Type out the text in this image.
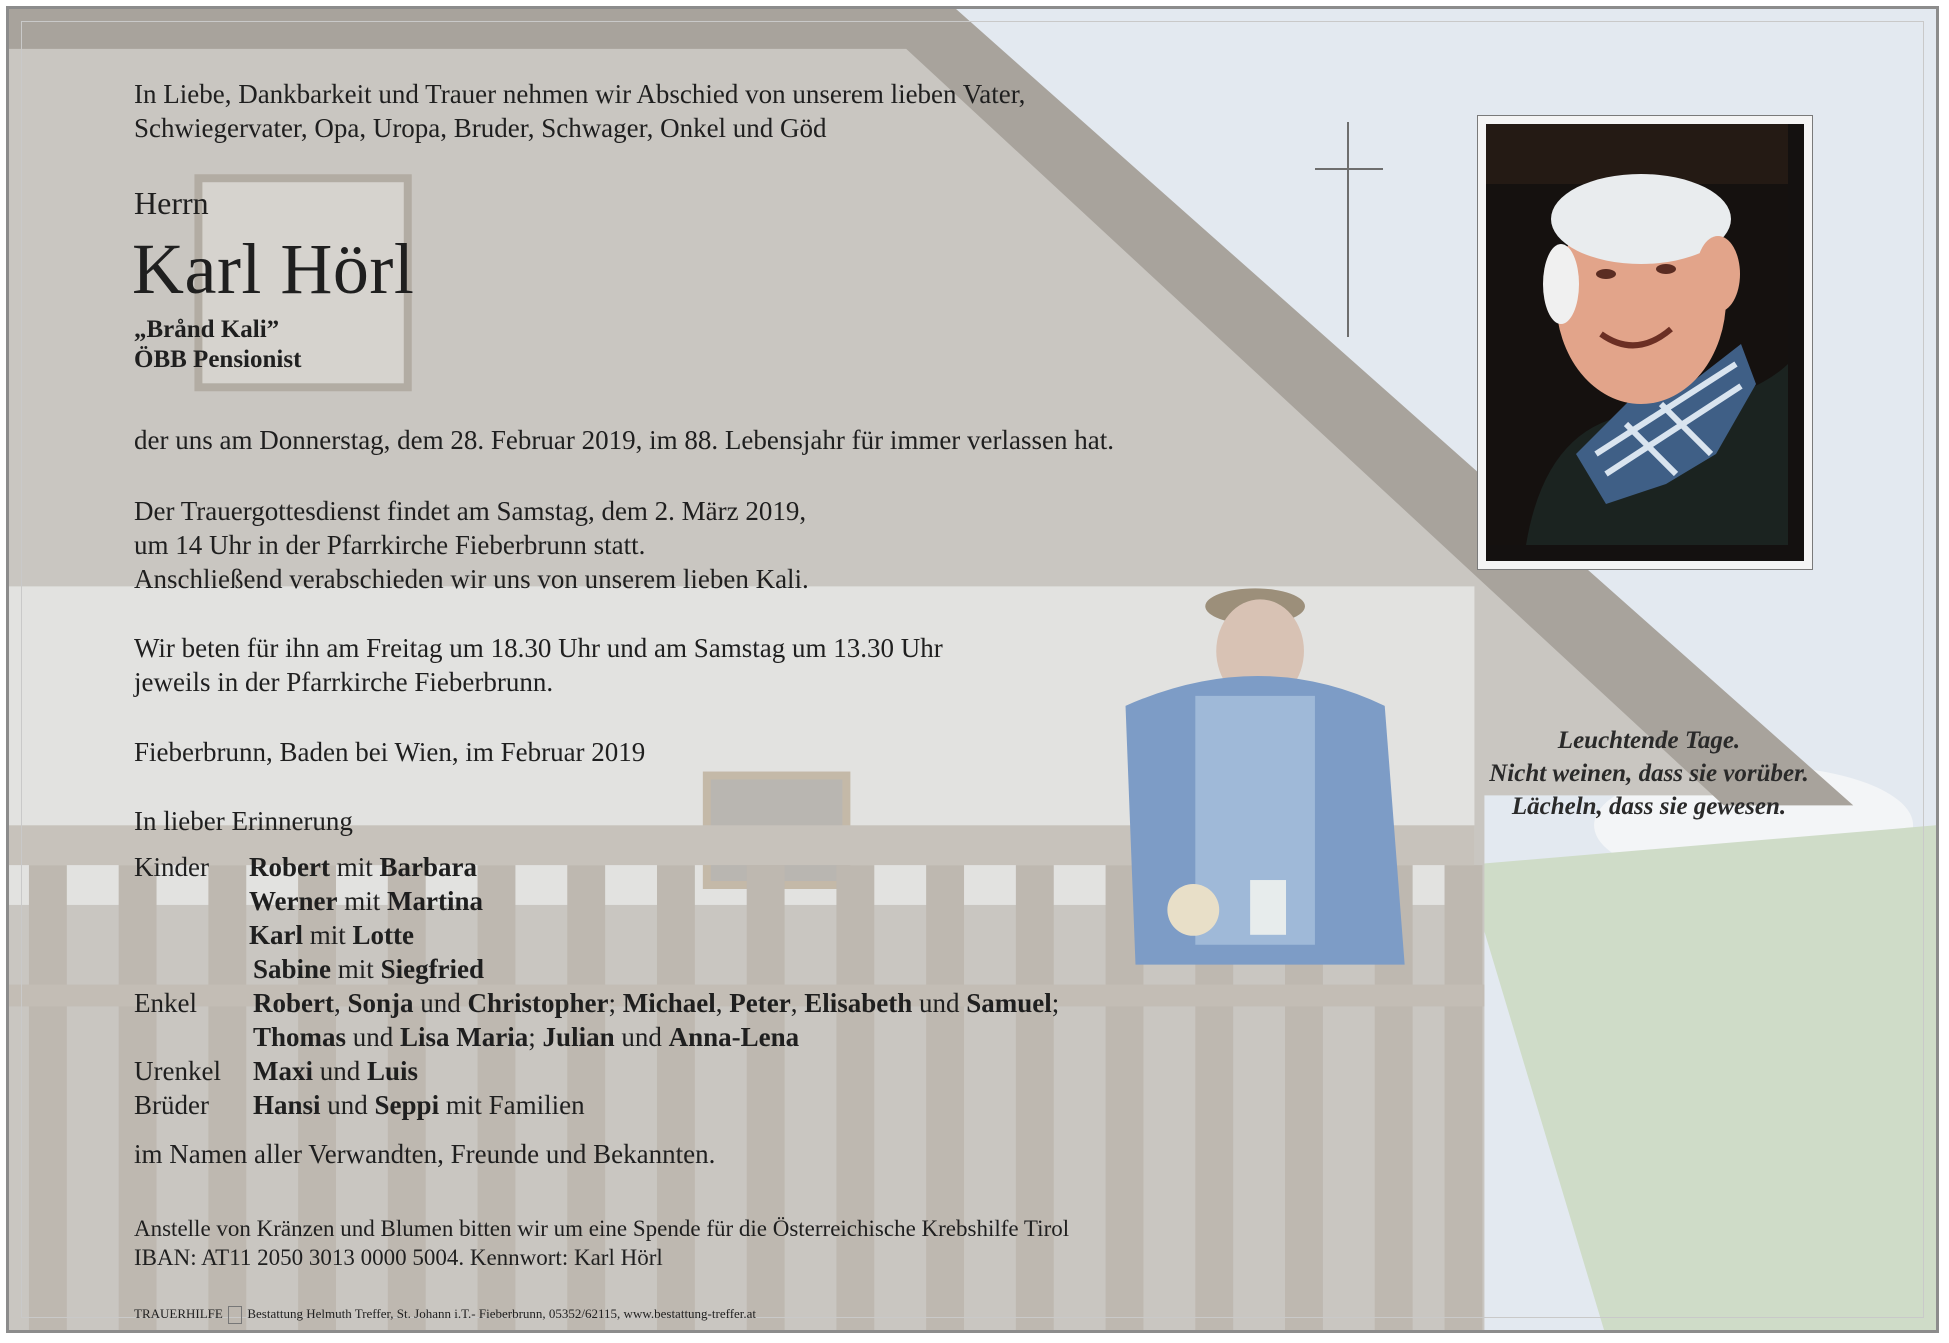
In Liebe, Dankbarkeit und Trauer nehmen wir Abschied von unserem lieben Vater,
Schwiegervater, Opa, Uropa, Bruder, Schwager, Onkel und Göd
Herrn
Karl Hörl
„Brånd Kali”
ÖBB Pensionist
der uns am Donnerstag, dem 28. Februar 2019, im 88. Lebensjahr für immer verlassen hat.
Der Trauergottesdienst findet am Samstag, dem 2. März 2019,
um 14 Uhr in der Pfarrkirche Fieberbrunn statt.
Anschließend verabschieden wir uns von unserem lieben Kali.
Wir beten für ihn am Freitag um 18.30 Uhr und am Samstag um 13.30 Uhr
jeweils in der Pfarrkirche Fieberbrunn.
Fieberbrunn, Baden bei Wien, im Februar 2019
In lieber Erinnerung
Kinder	Robert mit Barbara
Werner mit Martina
Karl mit Lotte
Sabine mit Siegfried
Enkel	Robert, Sonja und Christopher; Michael, Peter, Elisabeth und Samuel;
Thomas und Lisa Maria; Julian und Anna-Lena
Urenkel	Maxi und Luis
Brüder	Hansi und Seppi mit Familien
im Namen aller Verwandten, Freunde und Bekannten.
Anstelle von Kränzen und Blumen bitten wir um eine Spende für die Österreichische Krebshilfe Tirol
IBAN: AT11 2050 3013 0000 5004. Kennwort: Karl Hörl
TRAUERHILFE Bestattung Helmuth Treffer, St. Johann i.T.- Fieberbrunn, 05352/62115, www.bestattung-treffer.at
Leuchtende Tage.
Nicht weinen, dass sie vorüber.
Lächeln, dass sie gewesen.
